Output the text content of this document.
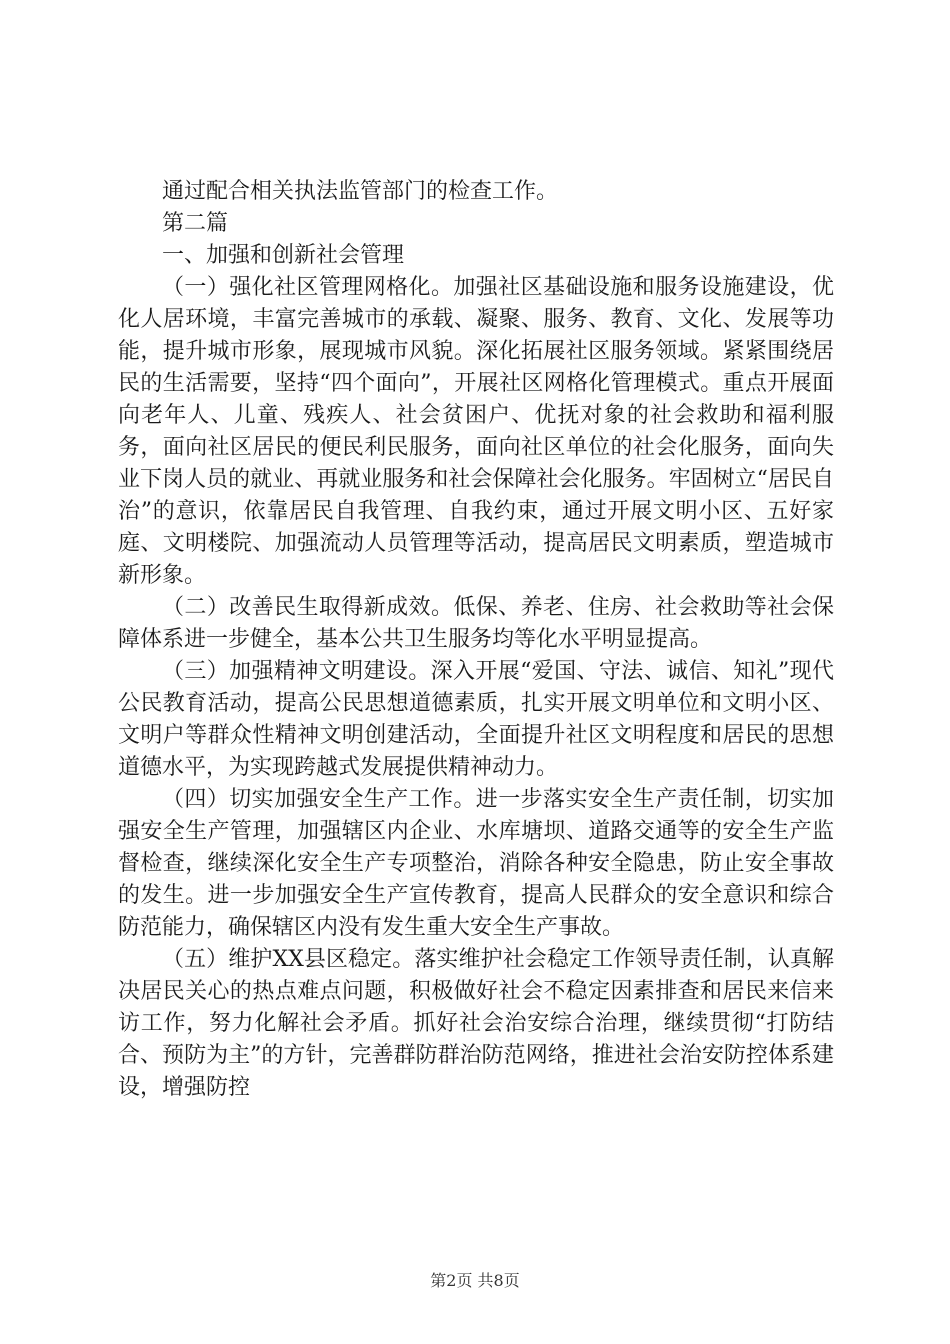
通过配合相关执法监管部门的检查工作。

第二篇

一、加强和创新社会管理

（一）强化社区管理网格化。加强社区基础设施和服务设施建设，优化人居环境，丰富完善城市的承载、凝聚、服务、教育、文化、发展等功能，提升城市形象，展现城市风貌。深化拓展社区服务领域。紧紧围绕居民的生活需要，坚持“四个面向”，开展社区网格化管理模式。重点开展面向老年人、儿童、残疾人、社会贫困户、优抚对象的社会救助和福利服务，面向社区居民的便民利民服务，面向社区单位的社会化服务，面向失业下岗人员的就业、再就业服务和社会保障社会化服务。牢固树立“居民自治”的意识，依靠居民自我管理、自我约束，通过开展文明小区、五好家庭、文明楼院、加强流动人员管理等活动，提高居民文明素质，塑造城市新形象。

（二）改善民生取得新成效。低保、养老、住房、社会救助等社会保障体系进一步健全，基本公共卫生服务均等化水平明显提高。

（三）加强精神文明建设。深入开展“爱国、守法、诚信、知礼”现代公民教育活动，提高公民思想道德素质，扎实开展文明单位和文明小区、文明户等群众性精神文明创建活动，全面提升社区文明程度和居民的思想道德水平，为实现跨越式发展提供精神动力。

（四）切实加强安全生产工作。进一步落实安全生产责任制，切实加强安全生产管理，加强辖区内企业、水库塘坝、道路交通等的安全生产监督检查，继续深化安全生产专项整治，消除各种安全隐患，防止安全事故的发生。进一步加强安全生产宣传教育，提高人民群众的安全意识和综合防范能力，确保辖区内没有发生重大安全生产事故。

（五）维护XX县区稳定。落实维护社会稳定工作领导责任制，认真解决居民关心的热点难点问题，积极做好社会不稳定因素排查和居民来信来访工作，努力化解社会矛盾。抓好社会治安综合治理，继续贯彻“打防结合、预防为主”的方针，完善群防群治防范网络，推进社会治安防控体系建设，增强防控

第2页 共8页
